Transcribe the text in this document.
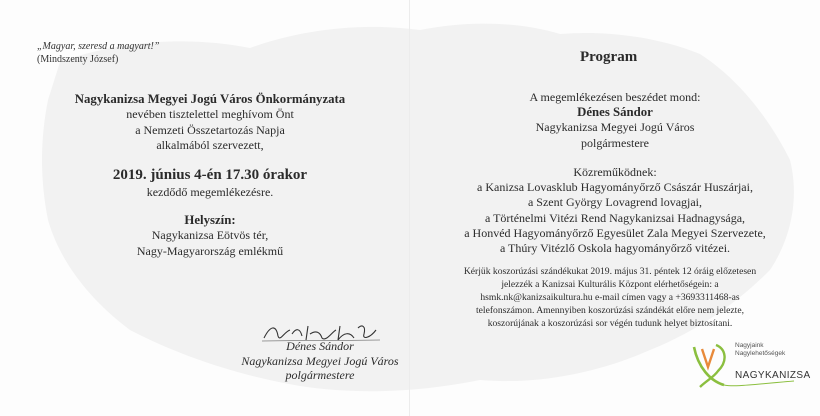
„Magyar, szeresd a magyart!”
(Mindszenty József)
Nagykanizsa Megyei Jogú Város Önkormányzata
nevében tisztelettel meghívom Önt
a Nemzeti Összetartozás Napja
alkalmából szervezett,
2019. június 4-én 17.30 órakor
kezdődő megemlékezésre.
Helyszín:
Nagykanizsa Eötvös tér,
Nagy-Magyarország emlékmű
Dénes Sándor
Nagykanizsa Megyei Jogú Város
polgármestere
Program
A megemlékezésen beszédet mond:
Dénes Sándor
Nagykanizsa Megyei Jogú Város
polgármestere
Közreműködnek:
a Kanizsa Lovasklub Hagyományőrző Császár Huszárjai,
a Szent György Lovagrend lovagjai,
a Történelmi Vitézi Rend Nagykanizsai Hadnagysága,
a Honvéd Hagyományőrző Egyesület Zala Megyei Szervezete,
a Thúry Vitézlő Oskola hagyományőrző vitézei.
Kérjük koszorúzási szándékukat 2019. május 31. péntek 12 óráig előzetesen
jelezzék a Kanizsai Kulturális Központ elérhetőségein: a
hsmk.nk@kanizsaikultura.hu e-mail címen vagy a +3693311468-as
telefonszámon. Amennyiben koszorúzási szándékát előre nem jelezte,
koszorújának a koszorúzási sor végén tudunk helyet biztosítani.
Nagyjaink
Nagylehetőségek
NAGYKANIZSA
